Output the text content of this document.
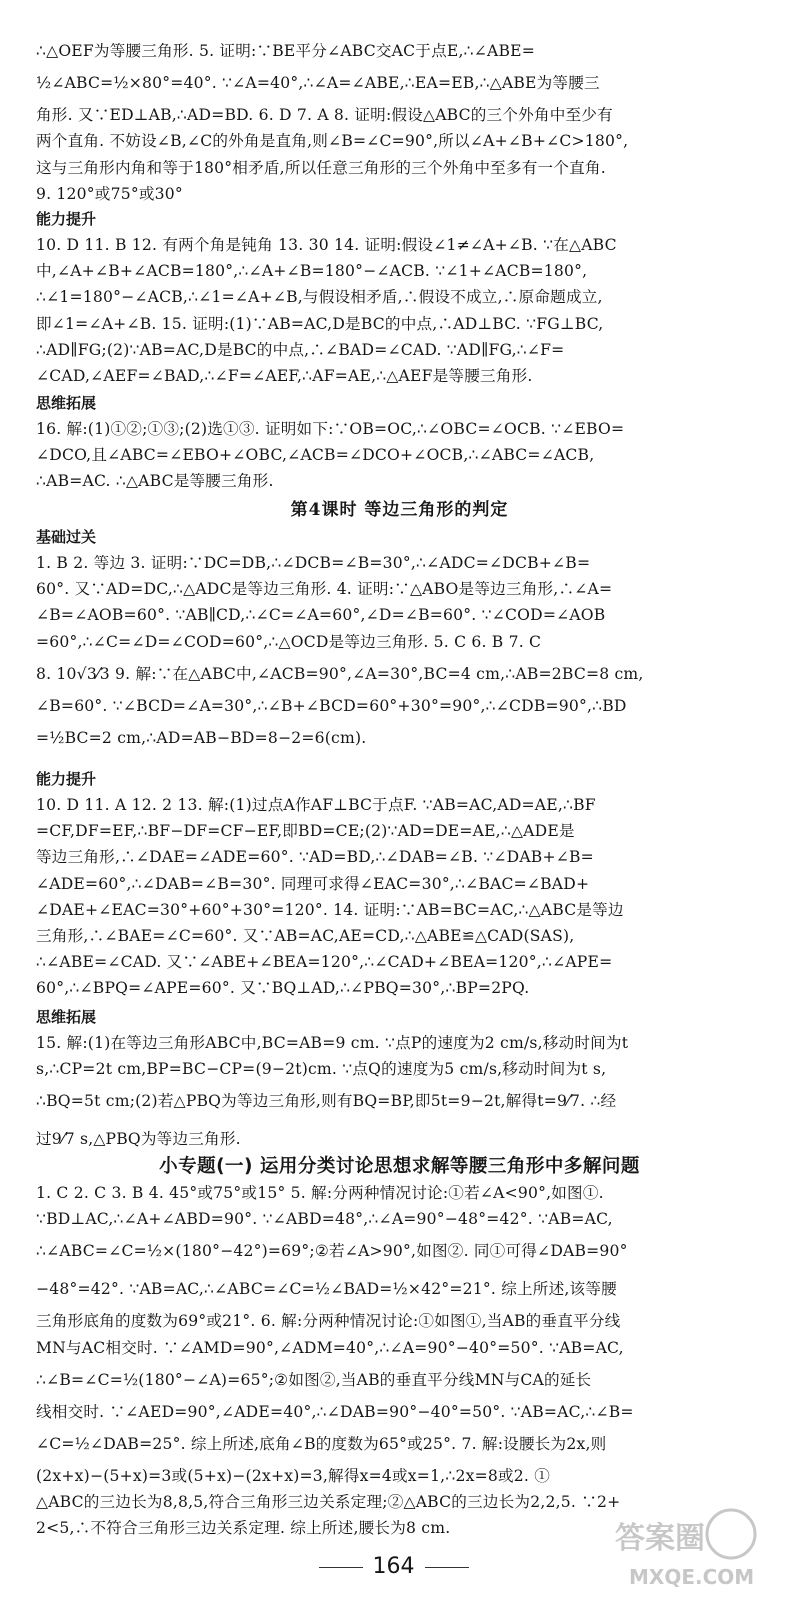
∴△OEF为等腰三角形. 5. 证明:∵BE平分∠ABC交AC于点E,∴∠ABE=
½∠ABC=½×80°=40°. ∵∠A=40°,∴∠A=∠ABE,∴EA=EB,∴△ABE为等腰三
角形. 又∵ED⊥AB,∴AD=BD. 6. D 7. A 8. 证明:假设△ABC的三个外角中至少有
两个直角. 不妨设∠B,∠C的外角是直角,则∠B=∠C=90°,所以∠A+∠B+∠C>180°,
这与三角形内角和等于180°相矛盾,所以任意三角形的三个外角中至多有一个直角.
9. 120°或75°或30°
能力提升
10. D 11. B 12. 有两个角是钝角 13. 30 14. 证明:假设∠1≠∠A+∠B. ∵在△ABC
中,∠A+∠B+∠ACB=180°,∴∠A+∠B=180°−∠ACB. ∵∠1+∠ACB=180°,
∴∠1=180°−∠ACB,∴∠1=∠A+∠B,与假设相矛盾,∴假设不成立,∴原命题成立,
即∠1=∠A+∠B. 15. 证明:(1)∵AB=AC,D是BC的中点,∴AD⊥BC. ∵FG⊥BC,
∴AD∥FG;(2)∵AB=AC,D是BC的中点,∴∠BAD=∠CAD. ∵AD∥FG,∴∠F=
∠CAD,∠AEF=∠BAD,∴∠F=∠AEF,∴AF=AE,∴△AEF是等腰三角形.
思维拓展
16. 解:(1)①②;①③;(2)选①③. 证明如下:∵OB=OC,∴∠OBC=∠OCB. ∵∠EBO=
∠DCO,且∠ABC=∠EBO+∠OBC,∠ACB=∠DCO+∠OCB,∴∠ABC=∠ACB,
∴AB=AC. ∴△ABC是等腰三角形.
第4课时 等边三角形的判定
基础过关
1. B 2. 等边 3. 证明:∵DC=DB,∴∠DCB=∠B=30°,∴∠ADC=∠DCB+∠B=
60°. 又∵AD=DC,∴△ADC是等边三角形. 4. 证明:∵△ABO是等边三角形,∴∠A=
∠B=∠AOB=60°. ∵AB∥CD,∴∠C=∠A=60°,∠D=∠B=60°. ∵∠COD=∠AOB
=60°,∴∠C=∠D=∠COD=60°,∴△OCD是等边三角形. 5. C 6. B 7. C
8. 10√3⁄3 9. 解:∵在△ABC中,∠ACB=90°,∠A=30°,BC=4 cm,∴AB=2BC=8 cm,
∠B=60°. ∵∠BCD=∠A=30°,∴∠B+∠BCD=60°+30°=90°,∴∠CDB=90°,∴BD
=½BC=2 cm,∴AD=AB−BD=8−2=6(cm).
能力提升
10. D 11. A 12. 2 13. 解:(1)过点A作AF⊥BC于点F. ∵AB=AC,AD=AE,∴BF
=CF,DF=EF,∴BF−DF=CF−EF,即BD=CE;(2)∵AD=DE=AE,∴△ADE是
等边三角形,∴∠DAE=∠ADE=60°. ∵AD=BD,∴∠DAB=∠B. ∵∠DAB+∠B=
∠ADE=60°,∴∠DAB=∠B=30°. 同理可求得∠EAC=30°,∴∠BAC=∠BAD+
∠DAE+∠EAC=30°+60°+30°=120°. 14. 证明:∵AB=BC=AC,∴△ABC是等边
三角形,∴∠BAE=∠C=60°. 又∵AB=AC,AE=CD,∴△ABE≌△CAD(SAS),
∴∠ABE=∠CAD. 又∵∠ABE+∠BEA=120°,∴∠CAD+∠BEA=120°,∴∠APE=
60°,∴∠BPQ=∠APE=60°. 又∵BQ⊥AD,∴∠PBQ=30°,∴BP=2PQ.
思维拓展
15. 解:(1)在等边三角形ABC中,BC=AB=9 cm. ∵点P的速度为2 cm/s,移动时间为t
s,∴CP=2t cm,BP=BC−CP=(9−2t)cm. ∵点Q的速度为5 cm/s,移动时间为t s,
∴BQ=5t cm;(2)若△PBQ为等边三角形,则有BQ=BP,即5t=9−2t,解得t=9⁄7. ∴经
过9⁄7 s,△PBQ为等边三角形.
小专题(一) 运用分类讨论思想求解等腰三角形中多解问题
1. C 2. C 3. B 4. 45°或75°或15° 5. 解:分两种情况讨论:①若∠A<90°,如图①.
∵BD⊥AC,∴∠A+∠ABD=90°. ∵∠ABD=48°,∴∠A=90°−48°=42°. ∵AB=AC,
∴∠ABC=∠C=½×(180°−42°)=69°;②若∠A>90°,如图②. 同①可得∠DAB=90°
−48°=42°. ∵AB=AC,∴∠ABC=∠C=½∠BAD=½×42°=21°. 综上所述,该等腰
三角形底角的度数为69°或21°. 6. 解:分两种情况讨论:①如图①,当AB的垂直平分线
MN与AC相交时. ∵∠AMD=90°,∠ADM=40°,∴∠A=90°−40°=50°. ∵AB=AC,
∴∠B=∠C=½(180°−∠A)=65°;②如图②,当AB的垂直平分线MN与CA的延长
线相交时. ∵∠AED=90°,∠ADE=40°,∴∠DAB=90°−40°=50°. ∵AB=AC,∴∠B=
∠C=½∠DAB=25°. 综上所述,底角∠B的度数为65°或25°. 7. 解:设腰长为2x,则
(2x+x)−(5+x)=3或(5+x)−(2x+x)=3,解得x=4或x=1,∴2x=8或2. ①
△ABC的三边长为8,8,5,符合三角形三边关系定理;②△ABC的三边长为2,2,5. ∵2+
2<5,∴不符合三角形三边关系定理. 综上所述,腰长为8 cm.
164
答案圈
MXQE.COM
